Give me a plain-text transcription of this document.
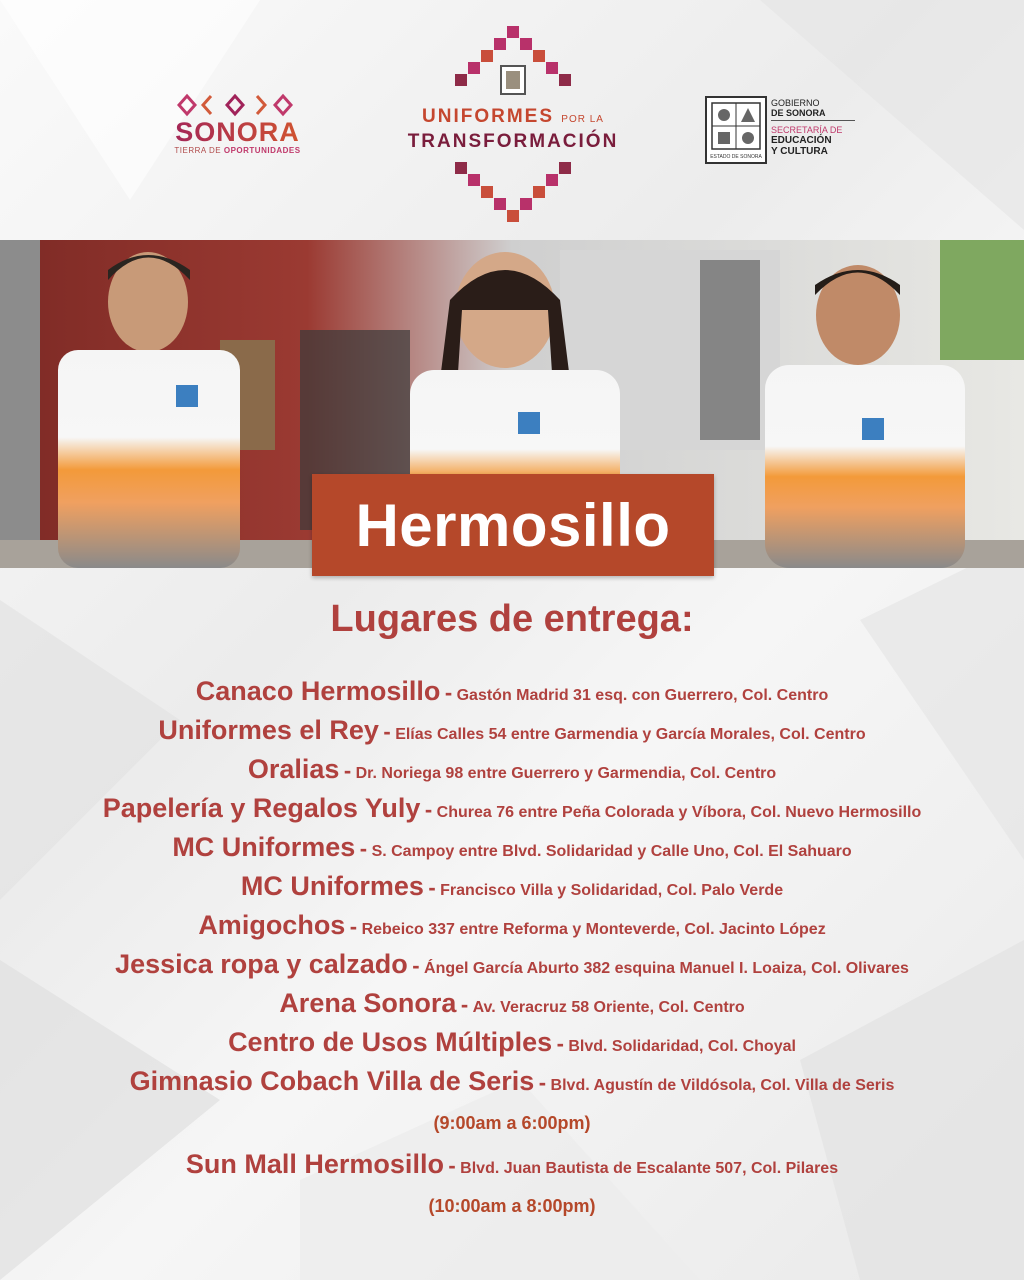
SONORA
TIERRA DE OPORTUNIDADES
UNIFORMES POR LA
TRANSFORMACIÓN
ESTADO DE SONORA
GOBIERNO
DE SONORA
SECRETARÍA DE
EDUCACIÓN
Y CULTURA
Hermosillo
Lugares de entrega:
Canaco Hermosillo - Gastón Madrid 31 esq. con Guerrero, Col. Centro
Uniformes el Rey - Elías Calles 54 entre Garmendia y García Morales, Col. Centro
Oralias - Dr. Noriega 98 entre Guerrero y Garmendia, Col. Centro
Papelería y Regalos Yuly - Churea 76 entre Peña Colorada y Víbora, Col. Nuevo Hermosillo
MC Uniformes - S. Campoy entre Blvd. Solidaridad y Calle Uno, Col. El Sahuaro
MC Uniformes - Francisco Villa y Solidaridad, Col. Palo Verde
Amigochos - Rebeico 337 entre Reforma y Monteverde, Col. Jacinto López
Jessica ropa y calzado - Ángel García Aburto 382 esquina Manuel I. Loaiza, Col. Olivares
Arena Sonora - Av. Veracruz 58 Oriente, Col. Centro
Centro de Usos Múltiples - Blvd. Solidaridad, Col. Choyal
Gimnasio Cobach Villa de Seris - Blvd. Agustín de Vildósola, Col. Villa de Seris
(9:00am a 6:00pm)
Sun Mall Hermosillo - Blvd. Juan Bautista de Escalante 507, Col. Pilares
(10:00am a 8:00pm)
